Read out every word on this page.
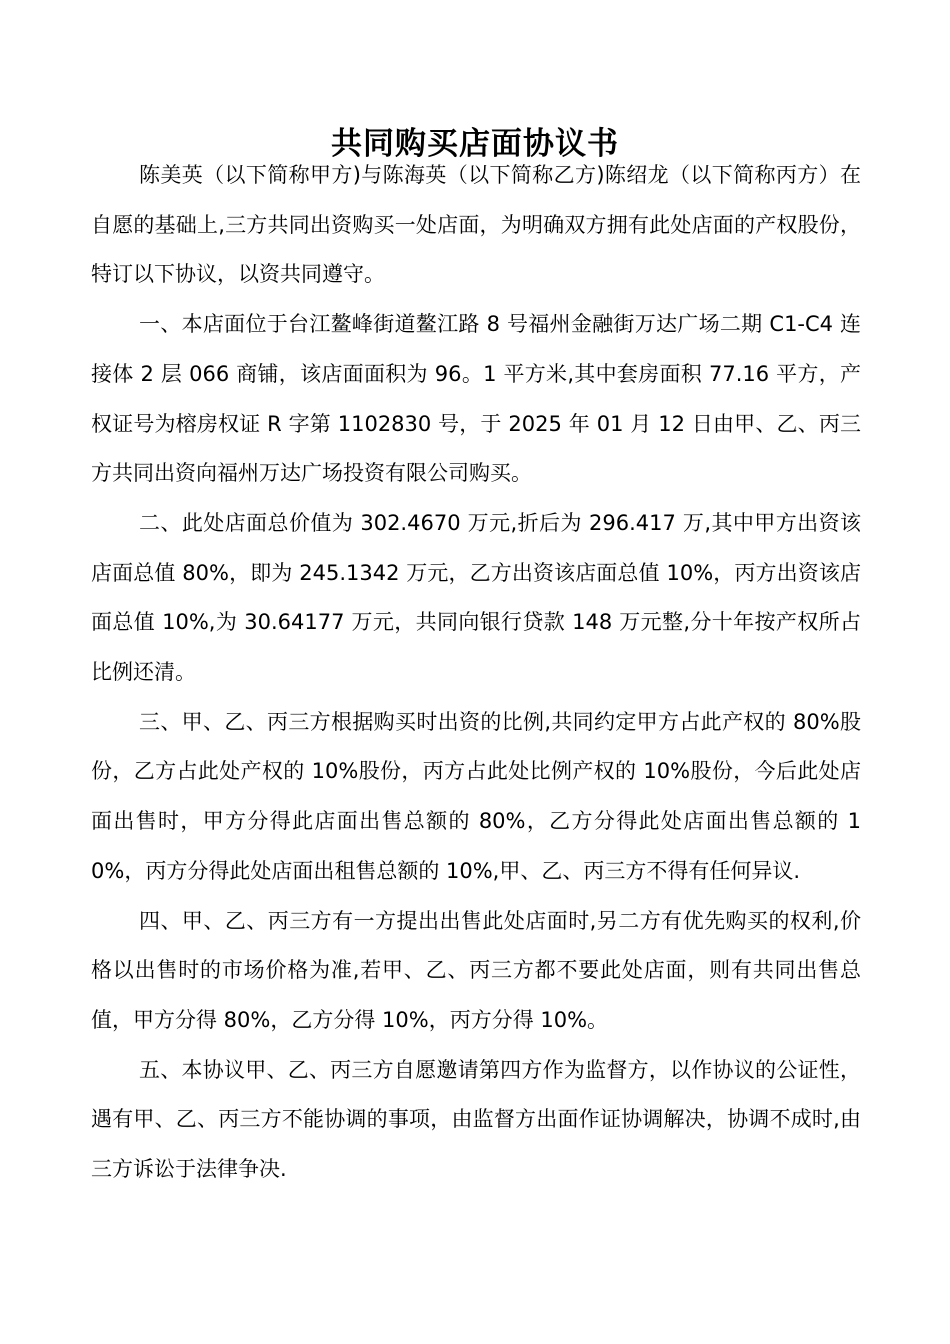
共同购买店面协议书

陈美英（以下简称甲方)与陈海英（以下简称乙方)陈绍龙（以下简称丙方）在自愿的基础上,三方共同出资购买一处店面，为明确双方拥有此处店面的产权股份，特订以下协议，以资共同遵守。

一、本店面位于台江鳌峰街道鳌江路 8 号福州金融街万达广场二期 C1-C4 连接体 2 层 066 商铺，该店面面积为 96。1 平方米,其中套房面积 77.16 平方，产权证号为榕房权证 R 字第 1102830 号，于 2025 年 01 月 12 日由甲、乙、丙三方共同出资向福州万达广场投资有限公司购买。

二、此处店面总价值为 302.4670 万元,折后为 296.417 万,其中甲方出资该店面总值 80%，即为 245.1342 万元，乙方出资该店面总值 10%，丙方出资该店面总值 10%,为 30.64177 万元，共同向银行贷款 148 万元整,分十年按产权所占比例还清。

三、甲、乙、丙三方根据购买时出资的比例,共同约定甲方占此产权的 80%股份，乙方占此处产权的 10%股份，丙方占此处比例产权的 10%股份，今后此处店面出售时，甲方分得此店面出售总额的 80%，乙方分得此处店面出售总额的 10%，丙方分得此处店面出租售总额的 10%,甲、乙、丙三方不得有任何异议.

四、甲、乙、丙三方有一方提出出售此处店面时,另二方有优先购买的权利,价格以出售时的市场价格为准,若甲、乙、丙三方都不要此处店面，则有共同出售总值，甲方分得 80%，乙方分得 10%，丙方分得 10%。

五、本协议甲、乙、丙三方自愿邀请第四方作为监督方，以作协议的公证性，遇有甲、乙、丙三方不能协调的事项，由监督方出面作证协调解决，协调不成时,由三方诉讼于法律争决.
